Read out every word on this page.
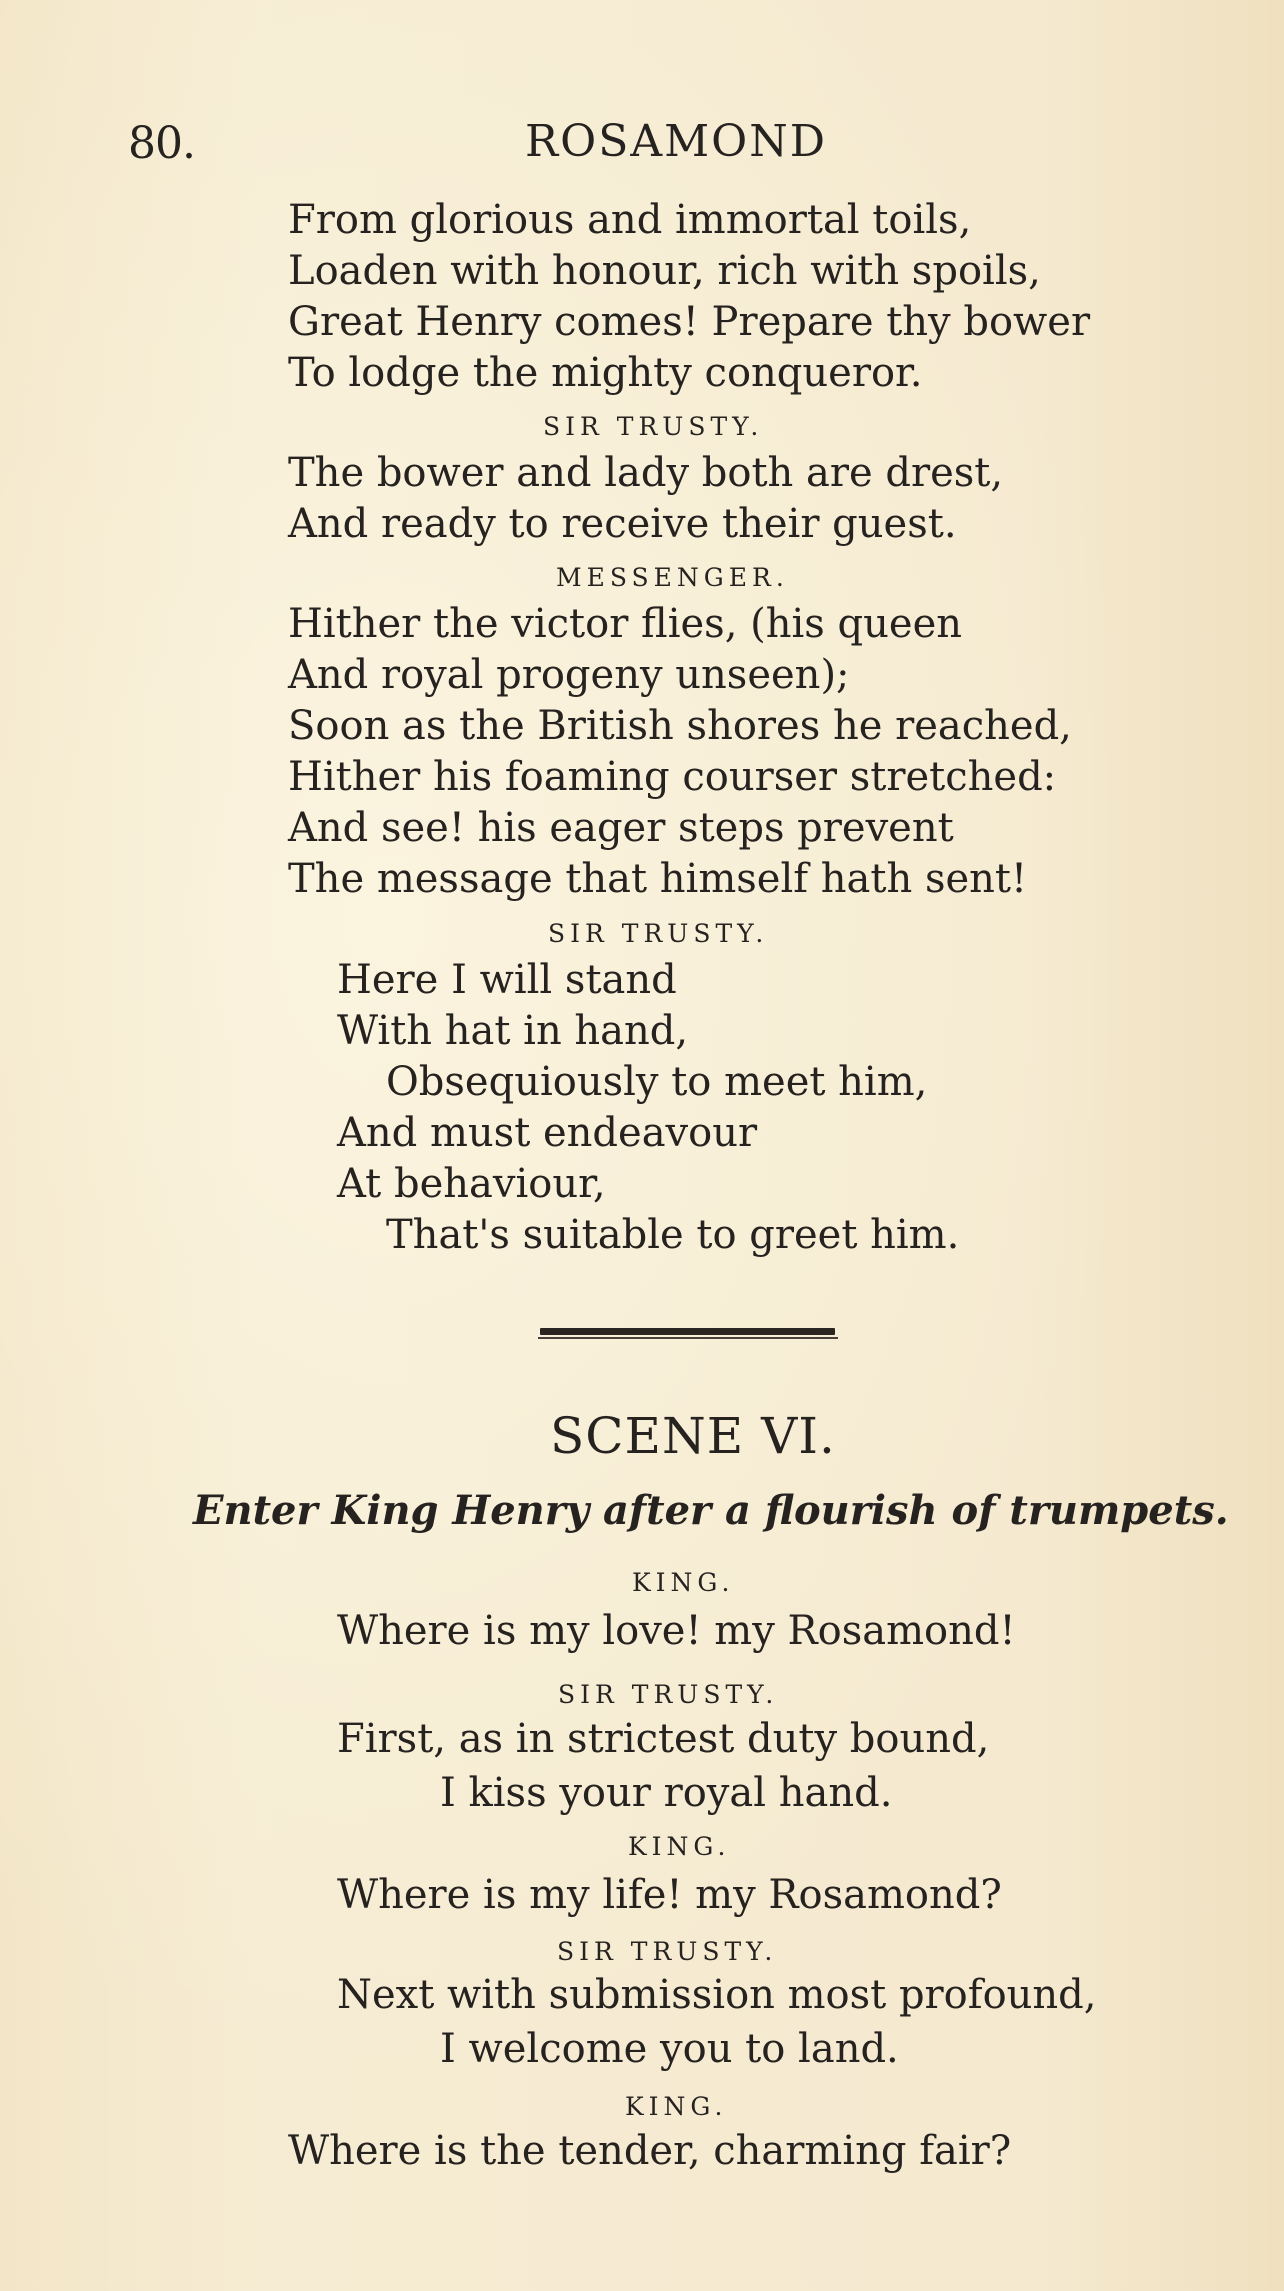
80.	ROSAMOND
From glorious and immortal toils,
Loaden with honour, rich with spoils,
Great Henry comes! Prepare thy bower
To lodge the mighty conqueror.
SIR TRUSTY.
The bower and lady both are drest,
And ready to receive their guest.
MESSENGER.
Hither the victor flies, (his queen
And royal progeny unseen);
Soon as the British shores he reached,
Hither his foaming courser stretched:
And see! his eager steps prevent
The message that himself hath sent!
SIR TRUSTY.
Here I will stand
With hat in hand,
Obsequiously to meet him,
And must endeavour
At behaviour,
That's suitable to greet him.
SCENE VI.
Enter King Henry after a flourish of trumpets.
KING.
Where is my love! my Rosamond!
SIR TRUSTY.
First, as in strictest duty bound,
I kiss your royal hand.
KING.
Where is my life! my Rosamond?
SIR TRUSTY.
Next with submission most profound,
I welcome you to land.
KING.
Where is the tender, charming fair?
